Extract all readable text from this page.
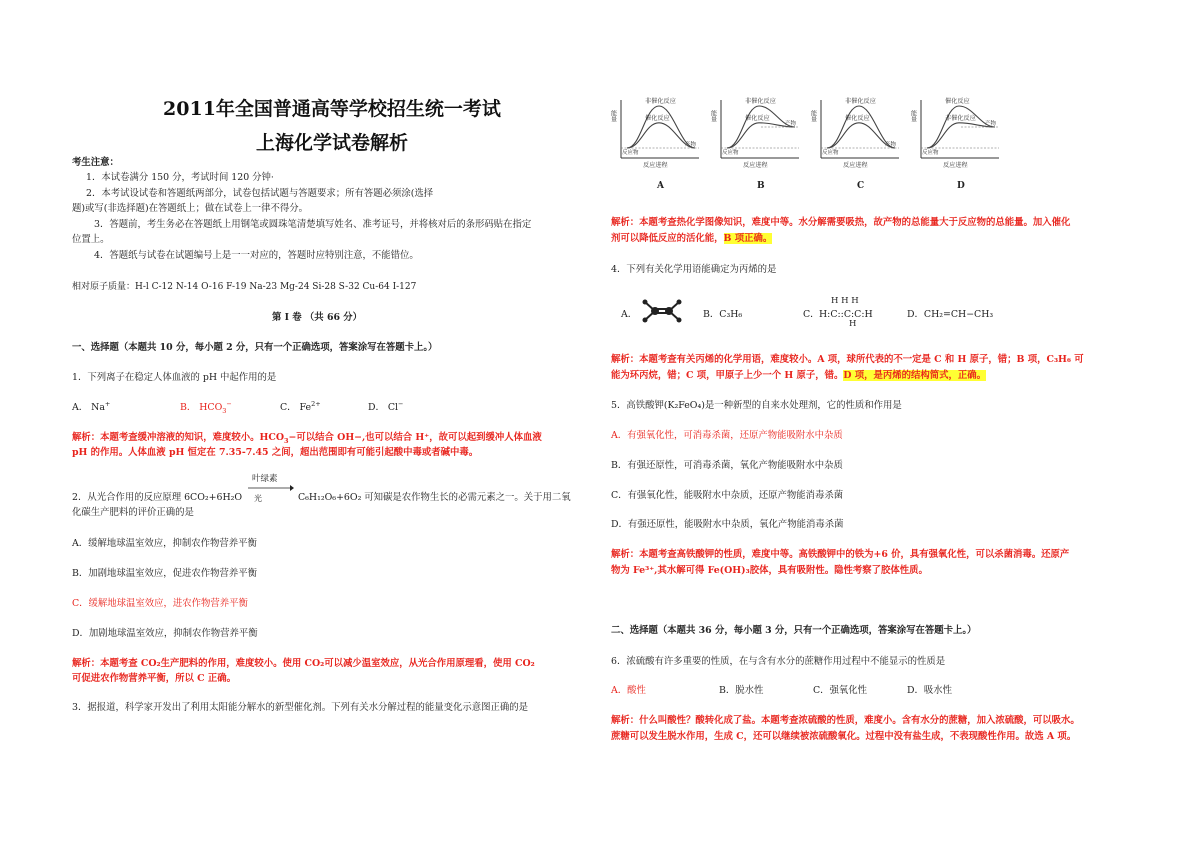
2011年全国普通高等学校招生统一考试
上海化学试卷解析
考生注意：
1．本试卷满分 150 分，考试时间 120 分钟·
2．本考试设试卷和答题纸两部分，试卷包括试题与答题要求；所有答题必须涂(选择
题)或写(非选择题)在答题纸上；做在试卷上一律不得分。
3．答题前，考生务必在答题纸上用钢笔或圆珠笔清楚填写姓名、准考证号，并将核对后的条形码贴在指定
位置上。
4．答题纸与试卷在试题编号上是一一对应的，答题时应特别注意，不能错位。
相对原子质量：H-l C-12 N-14 O-16 F-19 Na-23 Mg-24 Si-28 S-32 Cu-64 I-127
第 I 卷 （共 66 分）
一、选择题（本题共 10 分，每小题 2 分，只有一个正确选项，答案涂写在答题卡上。）
1．下列离子在稳定人体血液的 pH 中起作用的是
A． Na+	B． $HCO_3^-$	C． $Fe^{2+}$	D． Cl−
解析：本题考查缓冲溶液的知识，难度较小。$HCO_3-$可以结合 OH−,也可以结合 H⁺，故可以起到缓冲人体血液
pH 的作用。人体血液 pH 恒定在 7.35-7.45 之间，超出范围即有可能引起酸中毒或者碱中毒。
叶绿素
光
2．从光合作用的反应原理 6CO₂+6H₂O	C₆H₁₂O₆+6O₂ 可知碳是农作物生长的必需元素之一。关于用二氧
化碳生产肥料的评价正确的是
A．缓解地球温室效应，抑制农作物营养平衡
B．加剧地球温室效应，促进农作物营养平衡
C．缓解地球温室效应，进农作物营养平衡
D．加剧地球温室效应，抑制农作物营养平衡
解析：本题考查 CO₂生产肥料的作用，难度较小。使用 CO₂可以减少温室效应，从光合作用原理看，使用 CO₂
可促进农作物营养平衡，所以 C 正确。
3．据报道，科学家开发出了利用太阳能分解水的新型催化剂。下列有关水分解过程的能量变化示意图正确的是
能量
非催化反应
催化反应
反应物
产物
反应进程
A
能量
非催化反应
催化反应
反应物
产物
反应进程
B
能量
非催化反应
催化反应
反应物
产物
反应进程
C
能量
催化反应
非催化反应
反应物
产物
反应进程
D
解析：本题考查热化学图像知识，难度中等。水分解需要吸热，故产物的总能量大于反应物的总能量。加入催化
剂可以降低反应的活化能，B 项正确。
4．下列有关化学用语能确定为丙烯的是
A．	B．C₃H₆	C．
H H H
H:C::C:C:H
H
D．CH₂=CH−CH₃
解析：本题考查有关丙烯的化学用语，难度较小。A 项，球所代表的不一定是 C 和 H 原子，错；B 项，C₃H₆ 可
能为环丙烷，错；C 项，甲原子上少一个 H 原子，错。D 项，是丙烯的结构简式，正确。
5．高铁酸钾(K₂FeO₄)是一种新型的自来水处理剂，它的性质和作用是
A．有强氧化性，可消毒杀菌，还原产物能吸附水中杂质
B．有强还原性，可消毒杀菌，氧化产物能吸附水中杂质
C．有强氧化性，能吸附水中杂质，还原产物能消毒杀菌
D．有强还原性，能吸附水中杂质，氧化产物能消毒杀菌
解析：本题考查高铁酸钾的性质，难度中等。高铁酸钾中的铁为+6 价，具有强氧化性，可以杀菌消毒。还原产
物为 Fe³⁺,其水解可得 Fe(OH)₃胶体，具有吸附性。隐性考察了胶体性质。
二、选择题（本题共 36 分，每小题 3 分，只有一个正确选项，答案涂写在答题卡上。）
6．浓硫酸有许多重要的性质，在与含有水分的蔗糖作用过程中不能显示的性质是
A．酸性	B．脱水性	C．强氧化性	D．吸水性
解析：什么叫酸性？酸转化成了盐。本题考查浓硫酸的性质，难度小。含有水分的蔗糖，加入浓硫酸，可以吸水。
蔗糖可以发生脱水作用，生成 C，还可以继续被浓硫酸氧化。过程中没有盐生成，不表现酸性作用。故选 A 项。
